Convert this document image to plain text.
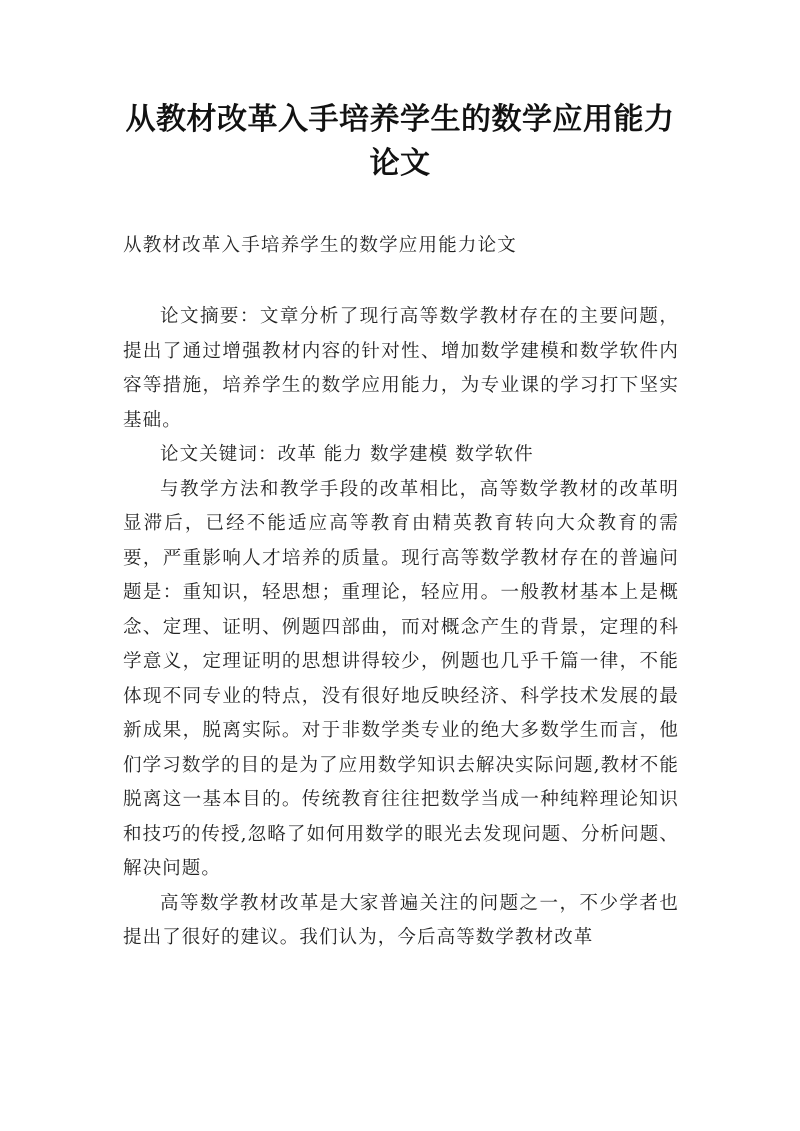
从教材改革入手培养学生的数学应用能力
论文

从教材改革入手培养学生的数学应用能力论文

论文摘要：文章分析了现行高等数学教材存在的主要问题，提出了通过增强教材内容的针对性、增加数学建模和数学软件内容等措施，培养学生的数学应用能力，为专业课的学习打下坚实基础。

论文关键词：改革 能力 数学建模 数学软件

与教学方法和教学手段的改革相比，高等数学教材的改革明显滞后，已经不能适应高等教育由精英教育转向大众教育的需要，严重影响人才培养的质量。现行高等数学教材存在的普遍问题是：重知识，轻思想；重理论，轻应用。一般教材基本上是概念、定理、证明、例题四部曲，而对概念产生的背景，定理的科学意义，定理证明的思想讲得较少，例题也几乎千篇一律，不能体现不同专业的特点，没有很好地反映经济、科学技术发展的最新成果，脱离实际。对于非数学类专业的绝大多数学生而言，他们学习数学的目的是为了应用数学知识去解决实际问题,教材不能脱离这一基本目的。传统教育往往把数学当成一种纯粹理论知识和技巧的传授,忽略了如何用数学的眼光去发现问题、分析问题、解决问题。

高等数学教材改革是大家普遍关注的问题之一，不少学者也提出了很好的建议。我们认为，今后高等数学教材改革
